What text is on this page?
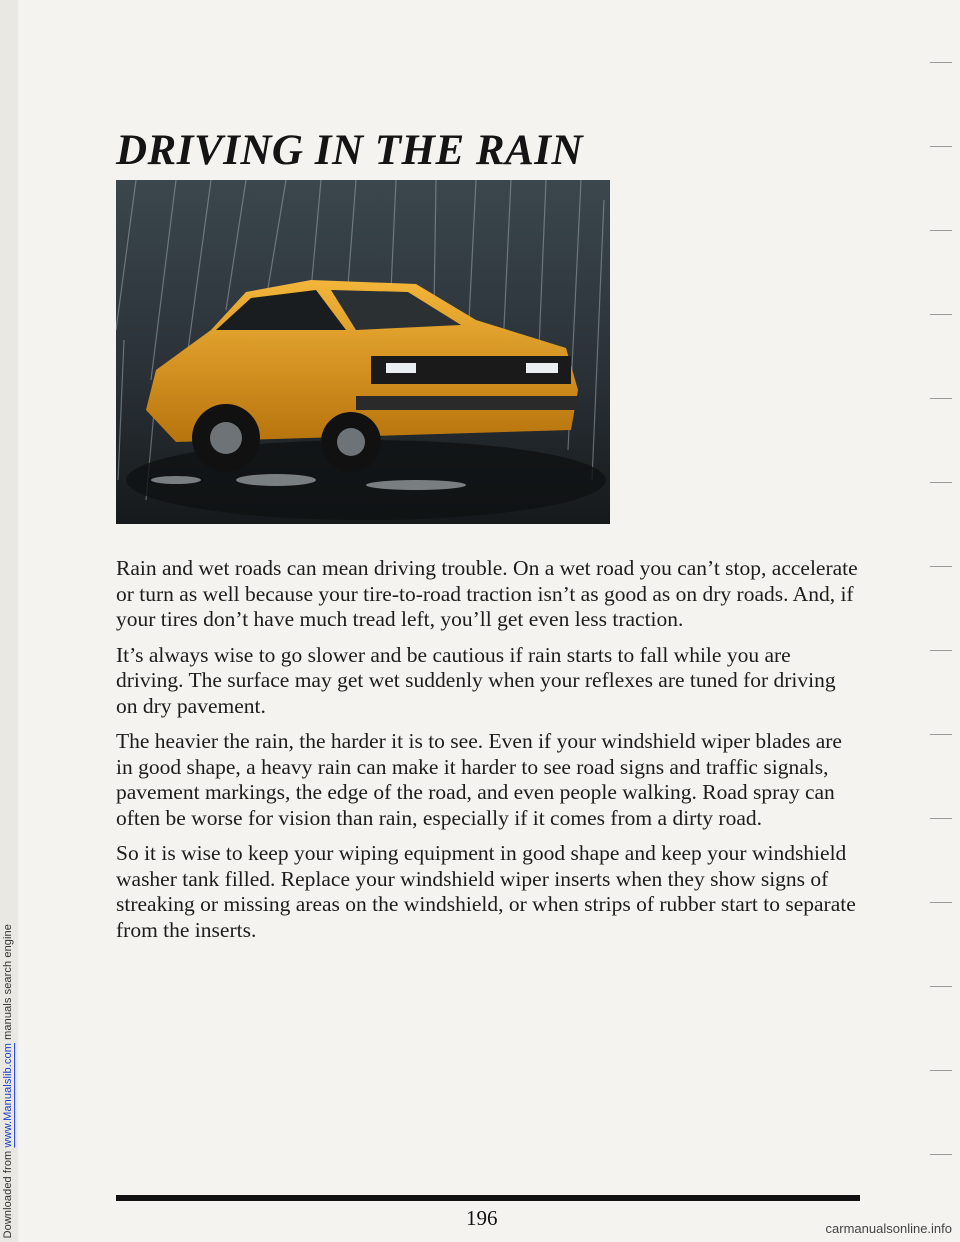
Downloaded from www.Manualslib.com manuals search engine
DRIVING IN THE RAIN

Rain and wet roads can mean driving trouble. On a wet road you can’t stop, accelerate or turn as well because your tire-to-road traction isn’t as good as on dry roads. And, if your tires don’t have much tread left, you’ll get even less traction.

It’s always wise to go slower and be cautious if rain starts to fall while you are driving. The surface may get wet suddenly when your reflexes are tuned for driving on dry pavement.

The heavier the rain, the harder it is to see. Even if your windshield wiper blades are in good shape, a heavy rain can make it harder to see road signs and traffic signals, pavement markings, the edge of the road, and even people walking. Road spray can often be worse for vision than rain, especially if it comes from a dirty road.

So it is wise to keep your wiping equipment in good shape and keep your windshield washer tank filled. Replace your windshield wiper inserts when they show signs of streaking or missing areas on the windshield, or when strips of rubber start to separate from the inserts.

196	carmanualsonline.info
